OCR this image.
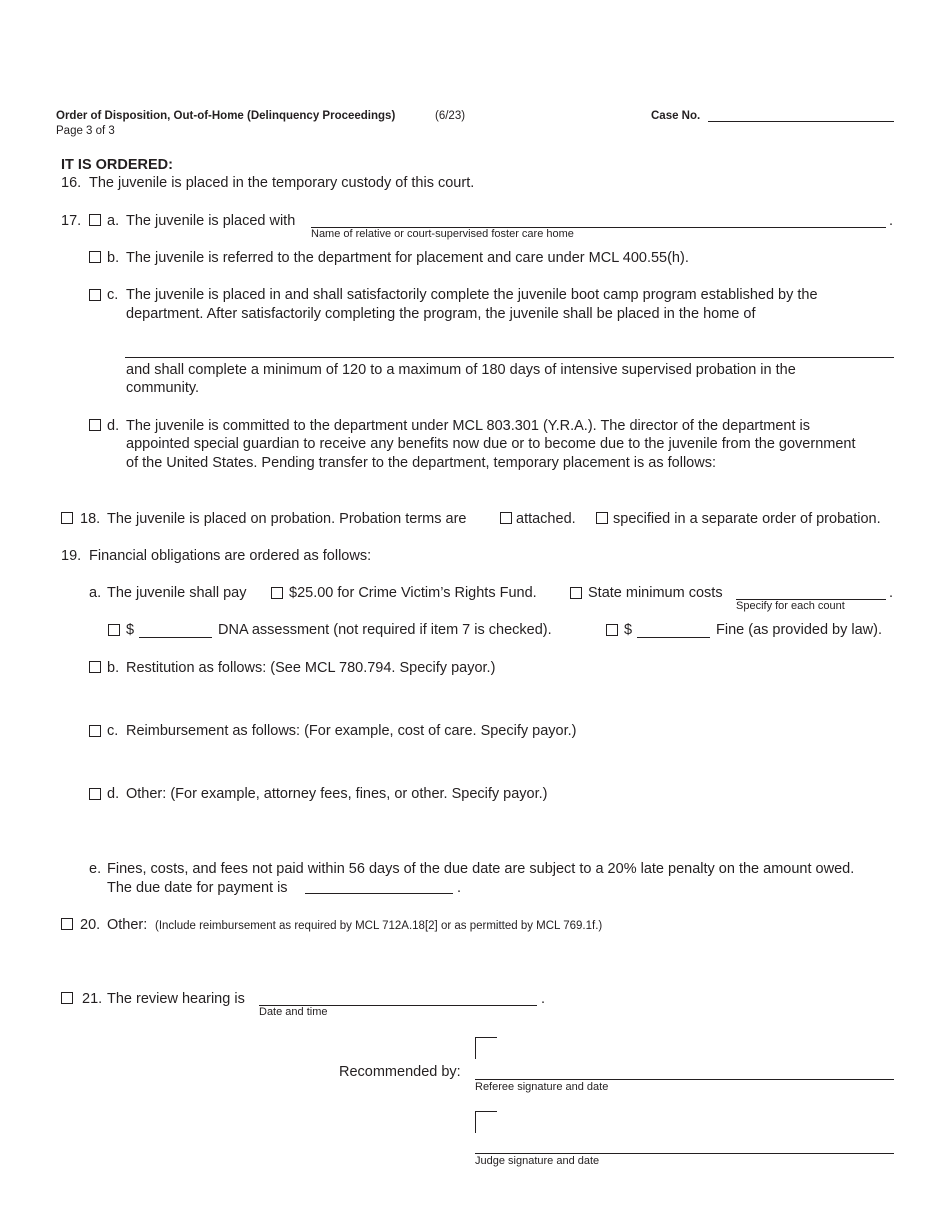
Order of Disposition, Out-of-Home (Delinquency Proceedings)	(6/23)
Page 3 of 3
Case No.
IT IS ORDERED:
16. The juvenile is placed in the temporary custody of this court.
17. a. The juvenile is placed with	.
Name of relative or court-supervised foster care home
b. The juvenile is referred to the department for placement and care under MCL 400.55(h).
c. The juvenile is placed in and shall satisfactorily complete the juvenile boot camp program established by the
department. After satisfactorily completing the program, the juvenile shall be placed in the home of
and shall complete a minimum of 120 to a maximum of 180 days of intensive supervised probation in the
community.
d. The juvenile is committed to the department under MCL 803.301 (Y.R.A.). The director of the department is
appointed special guardian to receive any benefits now due or to become due to the juvenile from the government
of the United States. Pending transfer to the department, temporary placement is as follows:
18. The juvenile is placed on probation. Probation terms are	attached.	specified in a separate order of probation.
19. Financial obligations are ordered as follows:
a. The juvenile shall pay	$25.00 for Crime Victim’s Rights Fund.	State minimum costs	.
Specify for each count
$	DNA assessment (not required if item 7 is checked).	$	Fine (as provided by law).
b. Restitution as follows: (See MCL 780.794. Specify payor.)
c. Reimbursement as follows: (For example, cost of care. Specify payor.)
d. Other: (For example, attorney fees, fines, or other. Specify payor.)
e. Fines, costs, and fees not paid within 56 days of the due date are subject to a 20% late penalty on the amount owed.
The due date for payment is	.
20. Other: (Include reimbursement as required by MCL 712A.18[2] or as permitted by MCL 769.1f.)
21. The review hearing is	.
Date and time
Recommended by:
Referee signature and date
Judge signature and date
